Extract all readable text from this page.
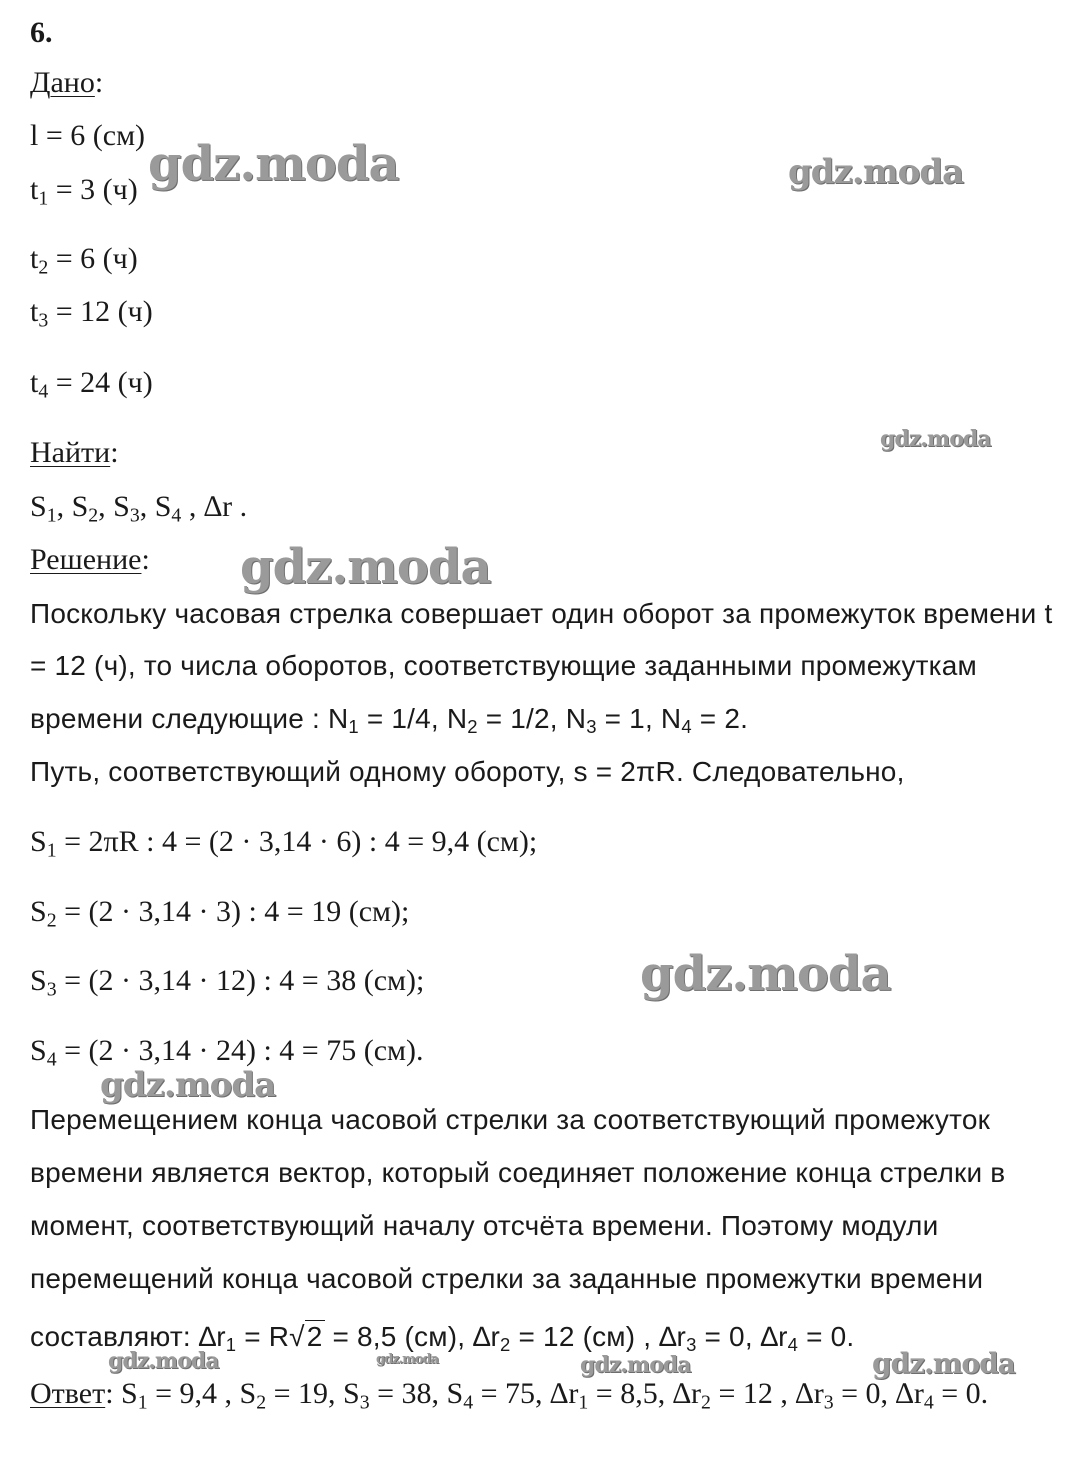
6.
Дано:
l = 6 (см)
$t_1 = 3$ (ч)
$t_2 = 6$ (ч)
$t_3 = 12$ (ч)
$t_4 = 24$ (ч)
Найти:
$S_1$, $S_2$, $S_3$, $S_4$ , ∆r .
Решение:
Поскольку часовая стрелка совершает один оборот за промежуток времени t
= 12 (ч), то числа оборотов, соответствующие заданными промежуткам
времени следующие : $N_1 = 1/4$, $N_2 = 1/2$, $N_3 = 1$, $N_4 = 2$.
Путь, соответствующий одному обороту, s = 2πR. Следовательно,
$S_1 = 2\pi R$ : 4 = (2 · 3,14 · 6) : 4 = 9,4 (см);
$S_2 = (2 \cdot 3,14 \cdot 3)$ : 4 = 19 (см);
$S_3 = (2 \cdot 3,14 \cdot 12)$ : 4 = 38 (см);
$S_4 = (2 \cdot 3,14 \cdot 24)$ : 4 = 75 (см).
Перемещением конца часовой стрелки за соответствующий промежуток
времени является вектор, который соединяет положение конца стрелки в
момент, соответствующий началу отсчёта времени. Поэтому модули
перемещений конца часовой стрелки за заданные промежутки времени
составляют: $\Delta r_1 = R√2 = 8,5$ (см), $\Delta r_2 = 12$ (см) , $\Delta r_3 = 0$, $\Delta r_4 = 0$.
Ответ: $S_1 = 9,4$ , $S_2 = 19$, $S_3 = 38$, $S_4 = 75$, $\Delta r_1 = 8,5$, $\Delta r_2 = 12$ , $\Delta r_3 = 0$, $\Delta r_4 = 0$.
gdz.moda	gdz.moda
gdz.moda
gdz.moda
gdz.moda
gdz.moda
gdz.moda	gdz.moda	gdz.moda	gdz.moda
